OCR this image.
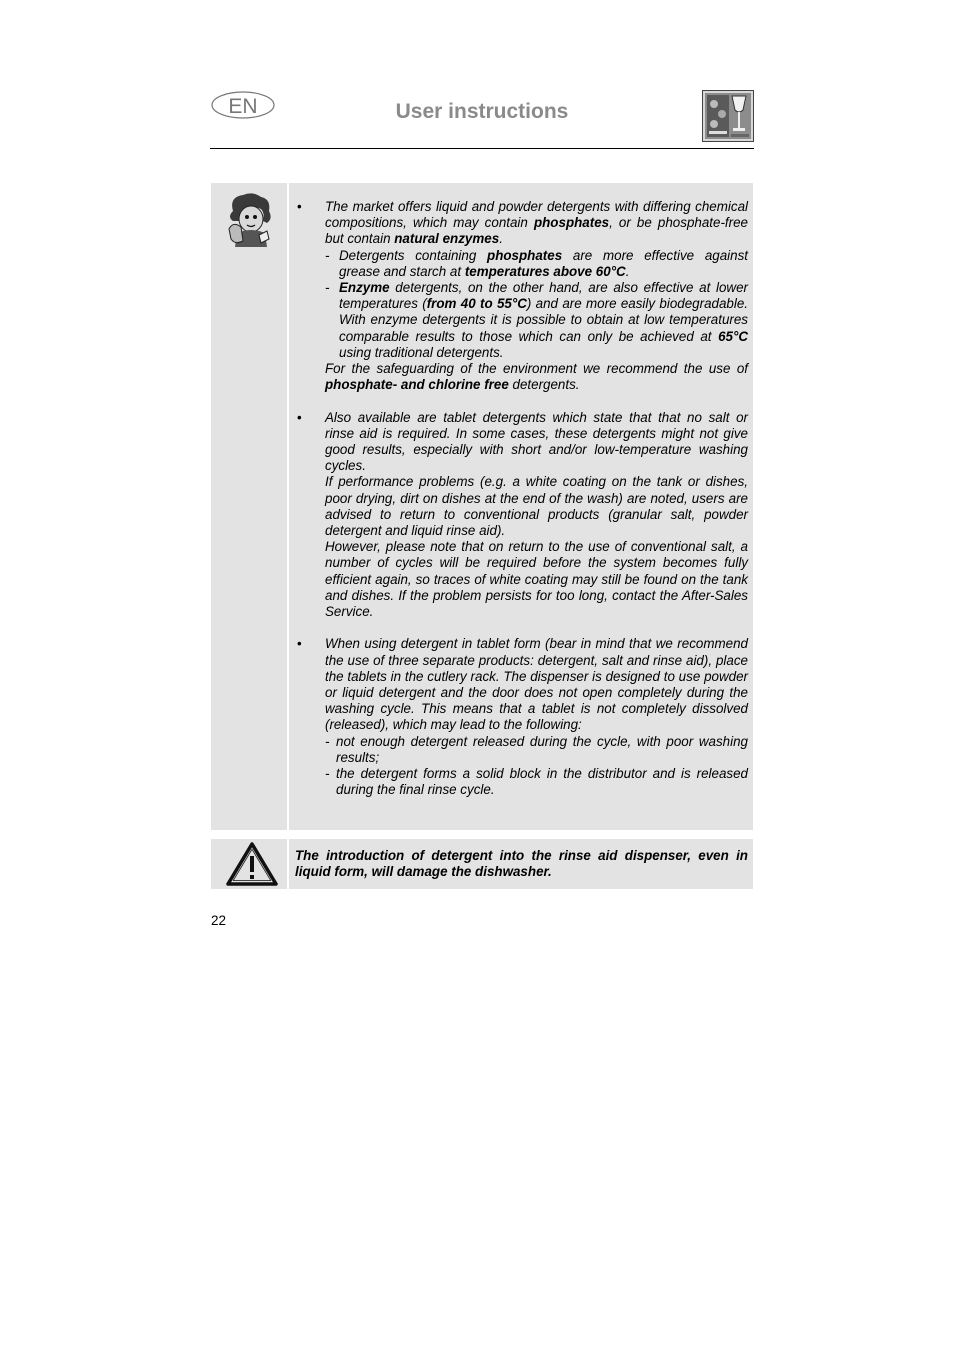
EN	User instructions
•	The market offers liquid and powder detergents with differing chemical compositions, which may contain phosphates, or be phosphate-free but contain natural enzymes.
- Detergents containing phosphates are more effective against grease and starch at temperatures above 60°C.
- Enzyme detergents, on the other hand, are also effective at lower temperatures (from 40 to 55°C) and are more easily biodegradable. With enzyme detergents it is possible to obtain at low temperatures comparable results to those which can only be achieved at 65°C using traditional detergents.
For the safeguarding of the environment we recommend the use of phosphate- and chlorine free detergents.
•	Also available are tablet detergents which state that that no salt or rinse aid is required. In some cases, these detergents might not give good results, especially with short and/or low-temperature washing cycles.
If performance problems (e.g. a white coating on the tank or dishes, poor drying, dirt on dishes at the end of the wash) are noted, users are advised to return to conventional products (granular salt, powder detergent and liquid rinse aid).
However, please note that on return to the use of conventional salt, a number of cycles will be required before the system becomes fully efficient again, so traces of white coating may still be found on the tank and dishes. If the problem persists for too long, contact the After-Sales Service.
•	When using detergent in tablet form (bear in mind that we recommend the use of three separate products: detergent, salt and rinse aid), place the tablets in the cutlery rack. The dispenser is designed to use powder or liquid detergent and the door does not open completely during the washing cycle. This means that a tablet is not completely dissolved (released), which may lead to the following:
- not enough detergent released during the cycle, with poor washing results;
- the detergent forms a solid block in the distributor and is released during the final rinse cycle.
The introduction of detergent into the rinse aid dispenser, even in liquid form, will damage the dishwasher.
22
